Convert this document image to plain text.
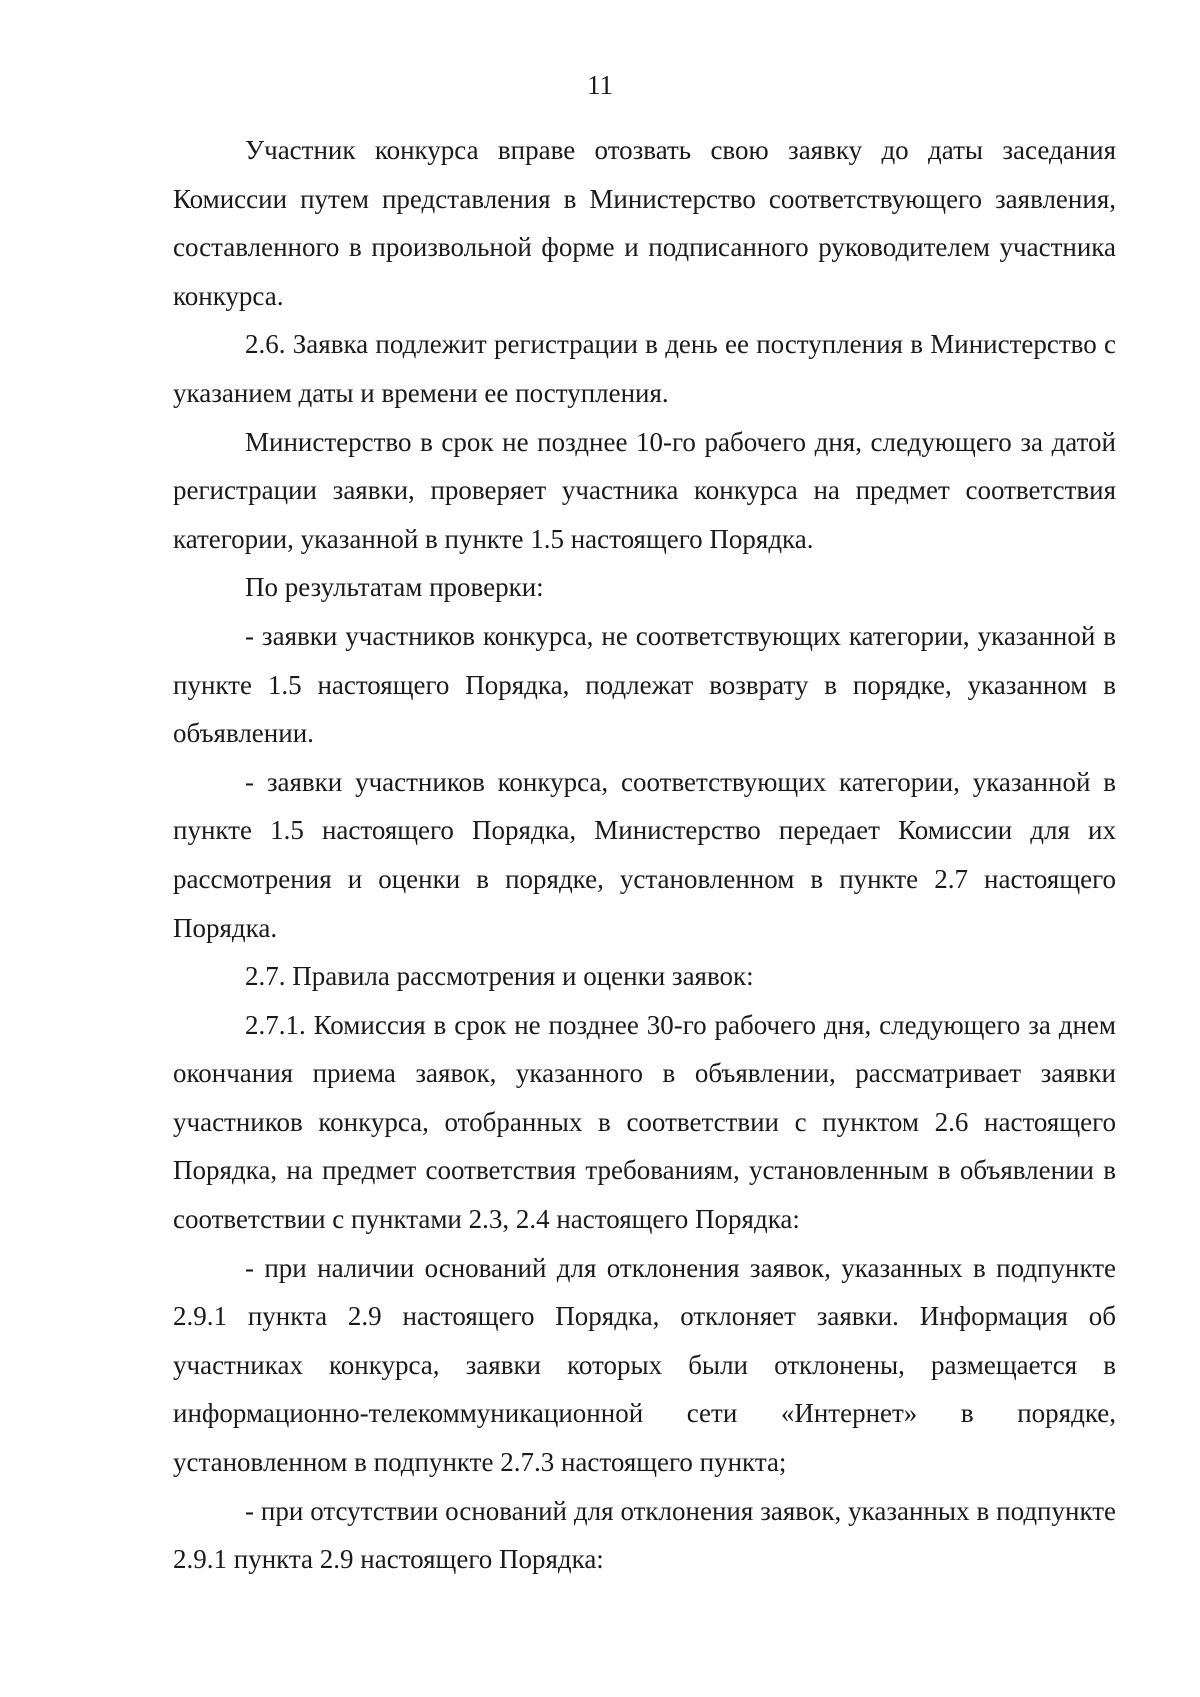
11

Участник конкурса вправе отозвать свою заявку до даты заседания Комиссии путем представления в Министерство соответствующего заявления, составленного в произвольной форме и подписанного руководителем участника конкурса.

2.6. Заявка подлежит регистрации в день ее поступления в Министерство с указанием даты и времени ее поступления.

Министерство в срок не позднее 10-го рабочего дня, следующего за датой регистрации заявки, проверяет участника конкурса на предмет соответствия категории, указанной в пункте 1.5 настоящего Порядка.

По результатам проверки:

- заявки участников конкурса, не соответствующих категории, указанной в пункте 1.5 настоящего Порядка, подлежат возврату в порядке, указанном в объявлении.

- заявки участников конкурса, соответствующих категории, указанной в пункте 1.5 настоящего Порядка, Министерство передает Комиссии для их рассмотрения и оценки в порядке, установленном в пункте 2.7 настоящего Порядка.

2.7. Правила рассмотрения и оценки заявок:

2.7.1. Комиссия в срок не позднее 30-го рабочего дня, следующего за днем окончания приема заявок, указанного в объявлении, рассматривает заявки участников конкурса, отобранных в соответствии с пунктом 2.6 настоящего Порядка, на предмет соответствия требованиям, установленным в объявлении в соответствии с пунктами 2.3, 2.4 настоящего Порядка:

- при наличии оснований для отклонения заявок, указанных в подпункте 2.9.1 пункта 2.9 настоящего Порядка, отклоняет заявки. Информация об участниках конкурса, заявки которых были отклонены, размещается в информационно-телекоммуникационной сети «Интернет» в порядке, установленном в подпункте 2.7.3 настоящего пункта;

- при отсутствии оснований для отклонения заявок, указанных в подпункте 2.9.1 пункта 2.9 настоящего Порядка:
